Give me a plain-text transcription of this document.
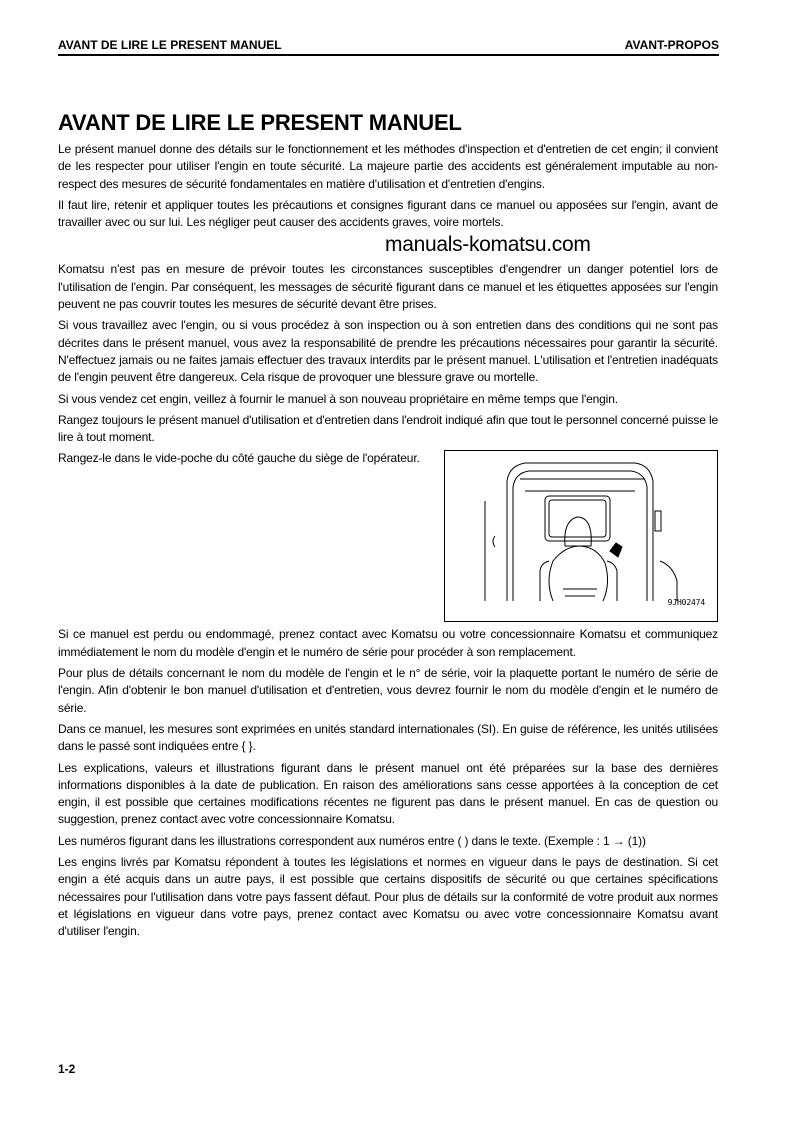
AVANT DE LIRE LE PRESENT MANUEL	AVANT-PROPOS
AVANT DE LIRE LE PRESENT MANUEL

Le présent manuel donne des détails sur le fonctionnement et les méthodes d'inspection et d'entretien de cet engin; il convient de les respecter pour utiliser l'engin en toute sécurité. La majeure partie des accidents est généralement imputable au non-respect des mesures de sécurité fondamentales en matière d'utilisation et d'entretien d'engins.

Il faut lire, retenir et appliquer toutes les précautions et consignes figurant dans ce manuel ou apposées sur l'engin, avant de travailler avec ou sur lui. Les négliger peut causer des accidents graves, voire mortels.

manuals-komatsu.com

Komatsu n'est pas en mesure de prévoir toutes les circonstances susceptibles d'engendrer un danger potentiel lors de l'utilisation de l'engin. Par conséquent, les messages de sécurité figurant dans ce manuel et les étiquettes apposées sur l'engin peuvent ne pas couvrir toutes les mesures de sécurité devant être prises.

Si vous travaillez avec l'engin, ou si vous procédez à son inspection ou à son entretien dans des conditions qui ne sont pas décrites dans le présent manuel, vous avez la responsabilité de prendre les précautions nécessaires pour garantir la sécurité. N'effectuez jamais ou ne faites jamais effectuer des travaux interdits par le présent manuel. L'utilisation et l'entretien inadéquats de l'engin peuvent être dangereux. Cela risque de provoquer une blessure grave ou mortelle.

Si vous vendez cet engin, veillez à fournir le manuel à son nouveau propriétaire en même temps que l'engin.

Rangez toujours le présent manuel d'utilisation et d'entretien dans l'endroit indiqué afin que tout le personnel concerné puisse le lire à tout moment.

Rangez-le dans le vide-poche du côté gauche du siège de l'opérateur.

9JH02474

Si ce manuel est perdu ou endommagé, prenez contact avec Komatsu ou votre concessionnaire Komatsu et communiquez immédiatement le nom du modèle d'engin et le numéro de série pour procéder à son remplacement.

Pour plus de détails concernant le nom du modèle de l'engin et le n° de série, voir la plaquette portant le numéro de série de l'engin. Afin d'obtenir le bon manuel d'utilisation et d'entretien, vous devrez fournir le nom du modèle d'engin et le numéro de série.

Dans ce manuel, les mesures sont exprimées en unités standard internationales (SI). En guise de référence, les unités utilisées dans le passé sont indiquées entre { }.

Les explications, valeurs et illustrations figurant dans le présent manuel ont été préparées sur la base des dernières informations disponibles à la date de publication. En raison des améliorations sans cesse apportées à la conception de cet engin, il est possible que certaines modifications récentes ne figurent pas dans le présent manuel. En cas de question ou suggestion, prenez contact avec votre concessionnaire Komatsu.

Les numéros figurant dans les illustrations correspondent aux numéros entre ( ) dans le texte. (Exemple : 1 → (1))

Les engins livrés par Komatsu répondent à toutes les législations et normes en vigueur dans le pays de destination. Si cet engin a été acquis dans un autre pays, il est possible que certains dispositifs de sécurité ou que certaines spécifications nécessaires pour l'utilisation dans votre pays fassent défaut. Pour plus de détails sur la conformité de votre produit aux normes et législations en vigueur dans votre pays, prenez contact avec Komatsu ou avec votre concessionnaire Komatsu avant d'utiliser l'engin.

1-2
